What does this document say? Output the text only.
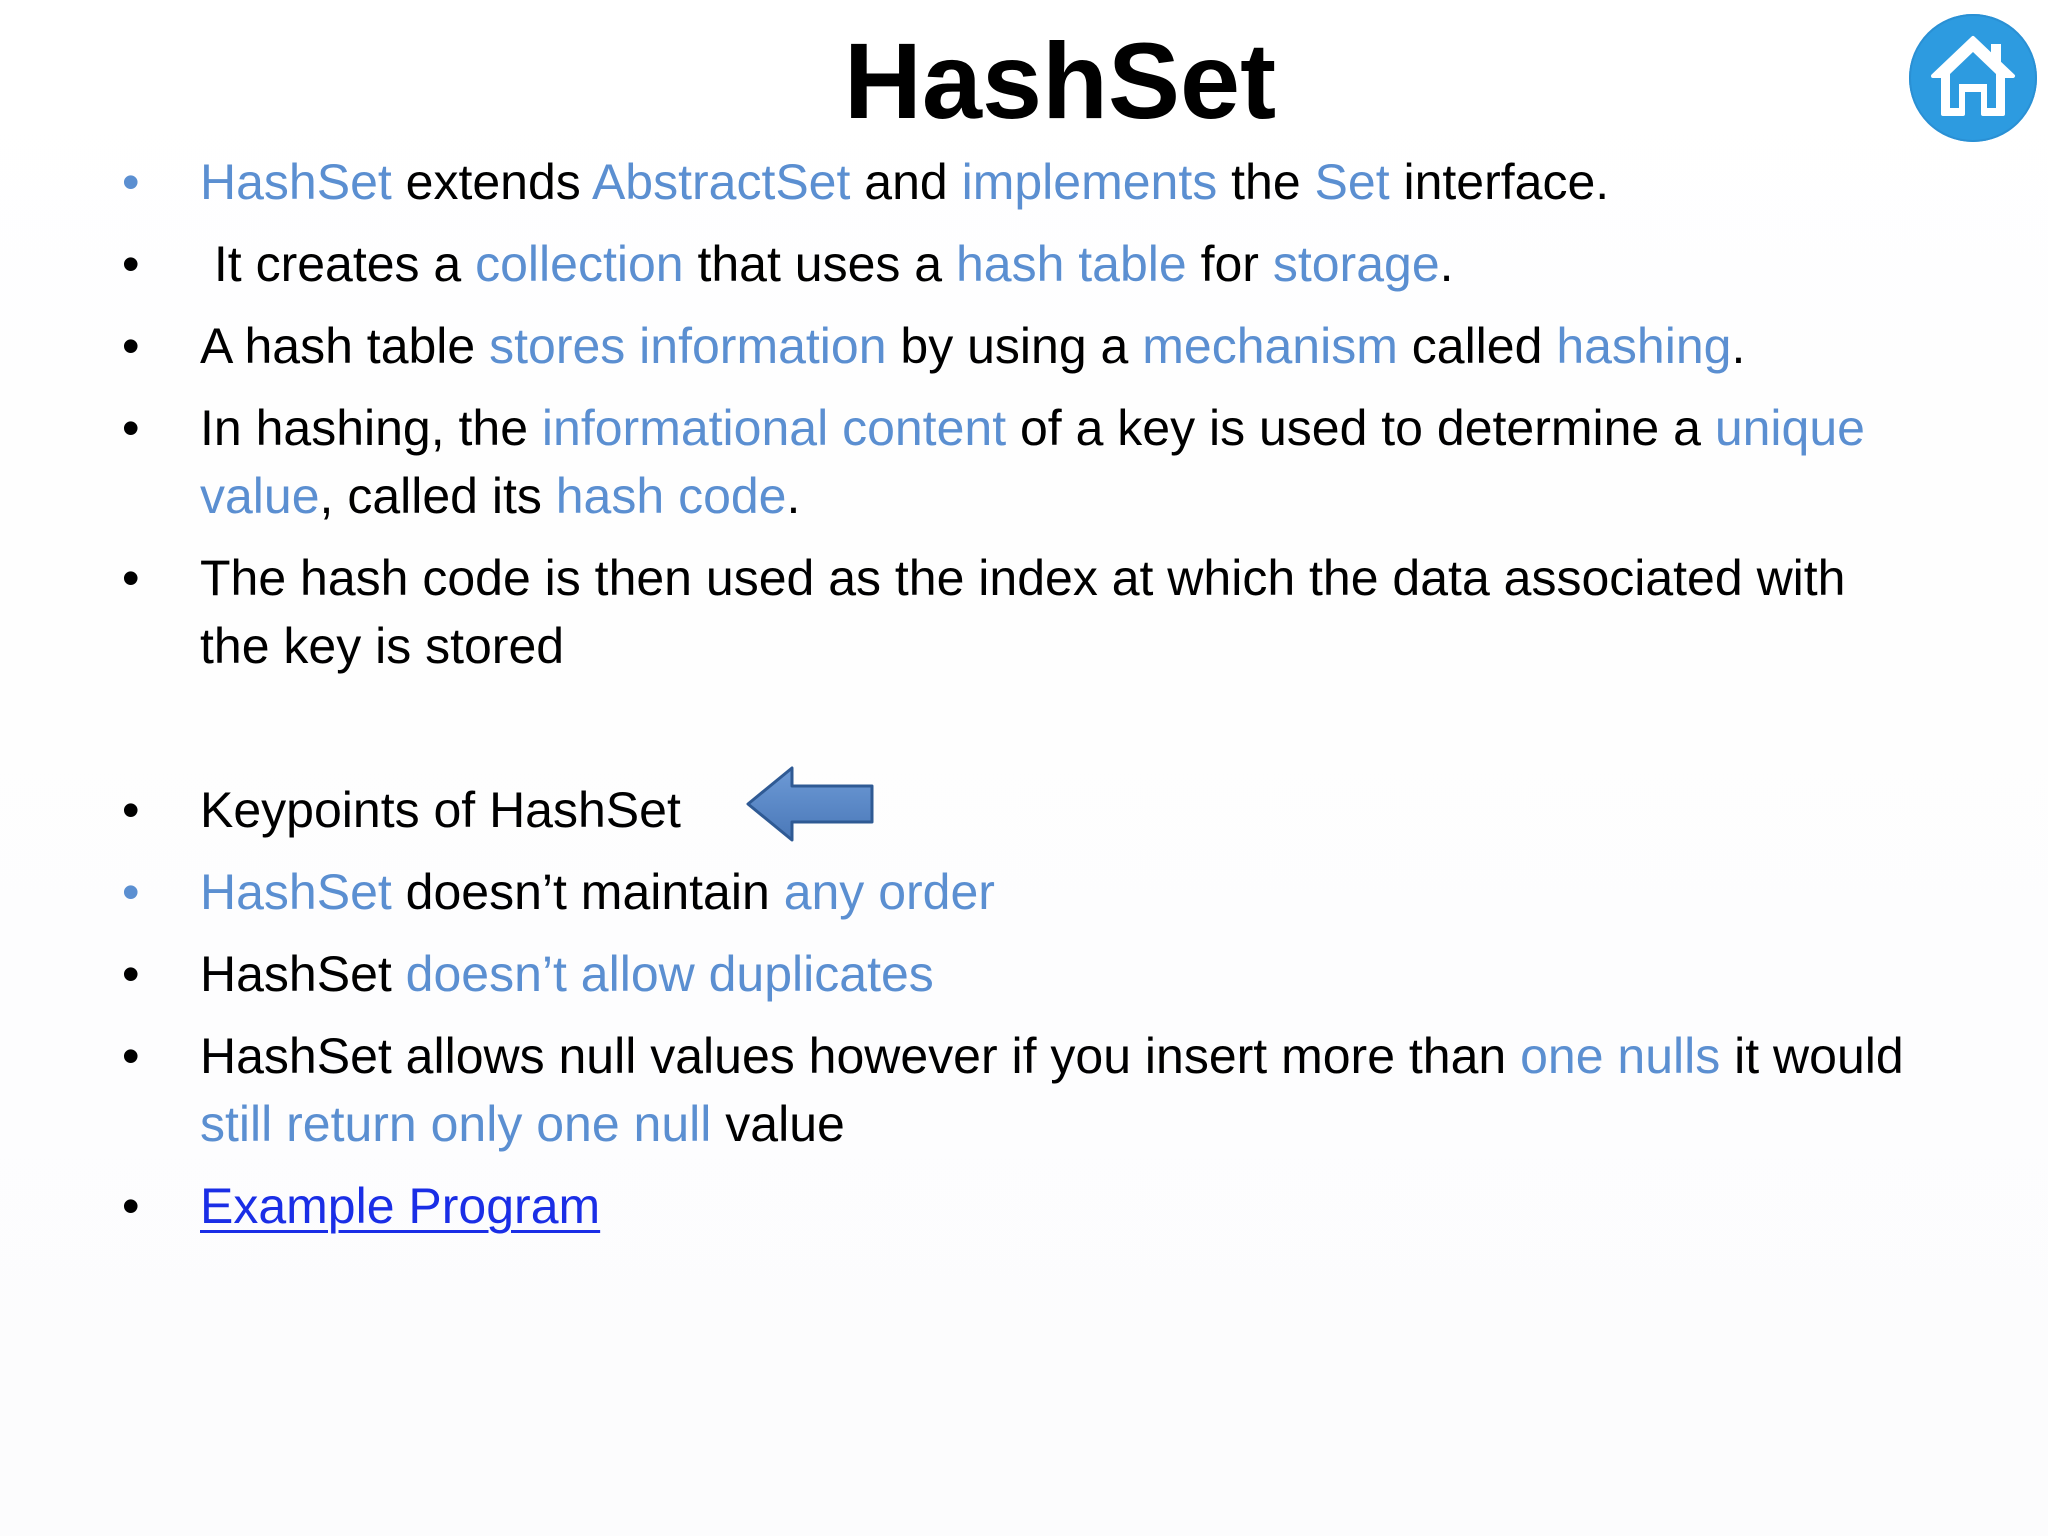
HashSet
• HashSet extends AbstractSet and implements the Set interface.
• It creates a collection that uses a hash table for storage.
• A hash table stores information by using a mechanism called hashing.
• In hashing, the informational content of a key is used to determine a unique value, called its hash code.
• The hash code is then used as the index at which the data associated with the key is stored
• Keypoints of HashSet
• HashSet doesn’t maintain any order
• HashSet doesn’t allow duplicates
• HashSet allows null values however if you insert more than one nulls it would still return only one null value
• Example Program
